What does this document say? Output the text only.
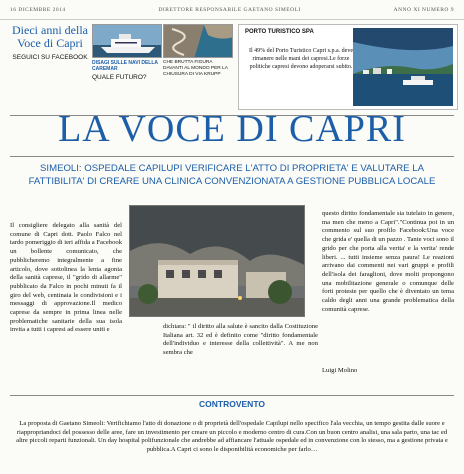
16 DICEMBRE 2014	DIRETTORE RESPONSABILE GAETANO SIMEOLI	ANNO XI NUMERO 9
Dieci anni della Voce di Capri
SEGUICI SU FACEBOOK
DISAGI SULLE NAVI DELLA CAREMAR
QUALE FUTURO?
CHE BRUTTA FIGURA DAVANTI AL MONDO PER LA CHIUSURA DI VIA KRUPP
PORTO TURISTICO SPA
Il 49% del Porto Turistico Capri s.p.a. deve rimanere nelle mani dei capresi.Le forze politiche capresi devono adoperarsi subito.
LA VOCE DI CAPRI
SIMEOLI: OSPEDALE CAPILUPI VERIFICARE L'ATTO DI PROPRIETA' E VALUTARE LA FATTIBILITA' DI CREARE UNA CLINICA CONVENZIONATA A GESTIONE PUBBLICA LOCALE
Il consigliere delegato alla sanità del comune di Capri dott. Paolo Falco nel tardo pomeriggio di ieri affida a Facebook un bollente comunicato, che pubblicheremo integralmente a fine articolo, dove sottolinea la lenta agonia della sanità caprese, il "grido di allarme" pubblicato da Falco in pochi minuti fa il giro del web, centinaia le condivisioni e i messaggi di approvazione.Il medico caprese da sempre in prima linea nelle problematiche sanitarie della sua isola invita a tutti i capresi ad essere uniti e	dichiara: " il diritto alla salute è sancito dalla Costituzione Italiana art. 32 ed è definito come "diritto fondamentale dell'individuo e interesse della collettività". A me non sembra che
questo diritto fondamentale sia tutelato in genere, ma men che meno a Capri"."Continua poi in un commento sul suo profilo Facebook:Una voce che grida e' quella di un pazzo . Tante voci sono il grido per che porta alla verita' e la verita' rende liberi. ... tutti insieme senza paura! Le reazioni arrivano dai commenti nei vari gruppi e profili dell'isola dei faraglioni, dove molti propongono una mobilitazione generale o comunque delle forti proteste per quello che è diventato un tema caldo degli anni una grande problematica della comunità caprese.
Luigi Molino
CONTROVENTO
La proposta di Gaetano Simeoli: Verifichiamo l'atto di donazione o di proprietà dell'ospedale Capilupi nello specifico l'ala vecchia, un tempo gestita dalle suore e riappropriandoci del possesso delle aree, fare un investimento per creare un piccolo e moderno centro di cura.Con un buon centro analisi, una sala parto, una tac ed altre piccoli reparti funzionali. Un day hospital polifunzionale che andrebbe ad affiancare l'attuale ospedale ed in convenzione con lo stesso, ma a gestione privata e pubblica.A Capri ci sono le disponibilità economiche per farlo…
